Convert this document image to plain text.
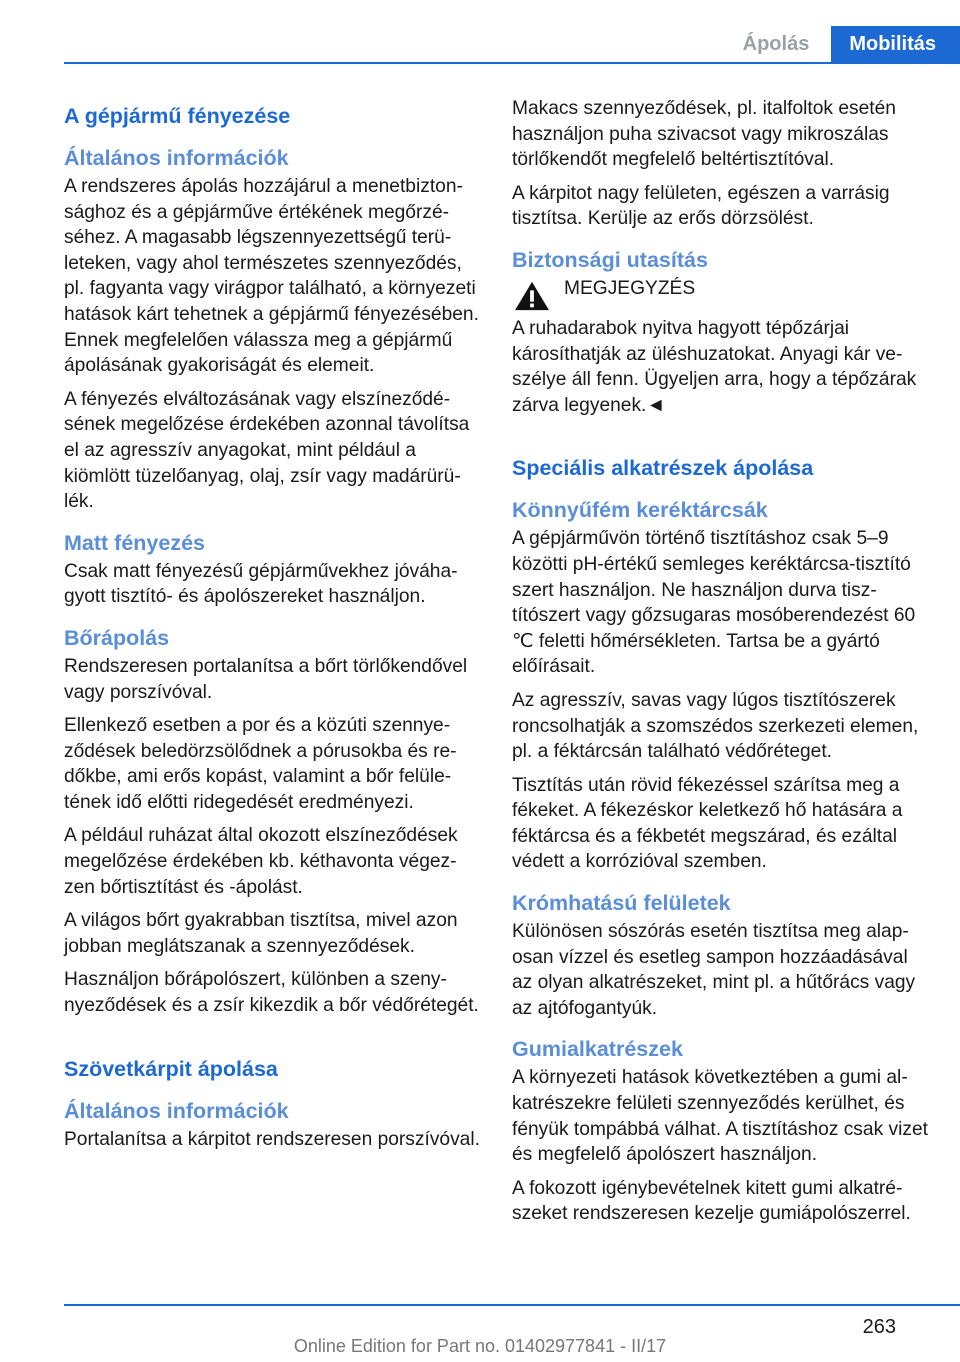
Ápolás	Mobilitás
A gépjármű fényezése
Általános információk

A rendszeres ápolás hozzájárul a menetbiztonsághoz és a gépjárműve értékének megőrzéséhez. A magasabb légszennyezettségű területeken, vagy ahol természetes szennyeződés, pl. fagyanta vagy virágpor található, a környezeti hatások kárt tehetnek a gépjármű fényezésében. Ennek megfelelően válassza meg a gépjármű ápolásának gyakoriságát és elemeit.

A fényezés elváltozásának vagy elszíneződésének megelőzése érdekében azonnal távolítsa el az agresszív anyagokat, mint például a kiömlött tüzelőanyag, olaj, zsír vagy madárürülék.

Matt fényezés

Csak matt fényezésű gépjárművekhez jóváhagyott tisztító- és ápolószereket használjon.

Bőrápolás

Rendszeresen portalanítsa a bőrt törlőkendővel vagy porszívóval.

Ellenkező esetben a por és a közúti szennyeződések beledörzsölődnek a pórusokba és redőkbe, ami erős kopást, valamint a bőr felületének idő előtti ridegedését eredményezi.

A például ruházat által okozott elszíneződések megelőzése érdekében kb. kéthavonta végezzen bőrtisztítást és -ápolást.

A világos bőrt gyakrabban tisztítsa, mivel azon jobban meglátszanak a szennyeződések.

Használjon bőrápolószert, különben a szenynyeződések és a zsír kikezdik a bőr védőrétegét.

Szövetkárpit ápolása
Általános információk

Portalanítsa a kárpitot rendszeresen porszívóval.

Makacs szennyeződések, pl. italfoltok esetén használjon puha szivacsot vagy mikroszálas törlőkendőt megfelelő beltértisztítóval.

A kárpitot nagy felületen, egészen a varrásig tisztítsa. Kerülje az erős dörzsölést.

Biztonsági utasítás
MEGJEGYZÉS

A ruhadarabok nyitva hagyott tépőzárjai károsíthatják az üléshuzatokat. Anyagi kár veszélye áll fenn. Ügyeljen arra, hogy a tépőzárak zárva legyenek.◄

Speciális alkatrészek ápolása
Könnyűfém keréktárcsák

A gépjárművön történő tisztításhoz csak 5–9 közötti pH-értékű semleges keréktárcsa-tisztító szert használjon. Ne használjon durva tisztítószert vagy gőzsugaras mosóberendezést 60 ℃ feletti hőmérsékleten. Tartsa be a gyártó előírásait.

Az agresszív, savas vagy lúgos tisztítószerek roncsolhatják a szomszédos szerkezeti elemen, pl. a féktárcsán található védőréteget.

Tisztítás után rövid fékezéssel szárítsa meg a fékeket. A fékezéskor keletkező hő hatására a féktárcsa és a fékbetét megszárad, és ezáltal védett a korrózióval szemben.

Krómhatású felületek

Különösen sószórás esetén tisztítsa meg alaposan vízzel és esetleg sampon hozzáadásával az olyan alkatrészeket, mint pl. a hűtőrács vagy az ajtófogantyúk.

Gumialkatrészek

A környezeti hatások következtében a gumi alkatrészekre felületi szennyeződés kerülhet, és fényük tompábbá válhat. A tisztításhoz csak vizet és megfelelő ápolószert használjon.

A fokozott igénybevételnek kitett gumi alkatrészeket rendszeresen kezelje gumiápolószerrel.

263
Online Edition for Part no. 01402977841 - II/17
